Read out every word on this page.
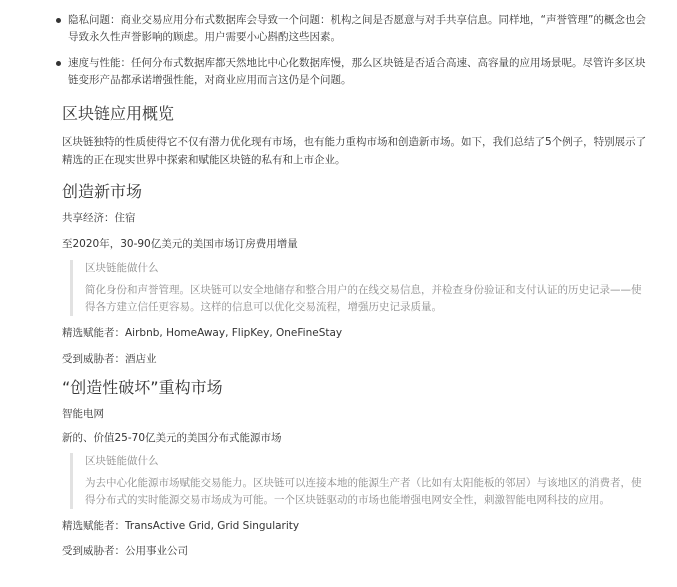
隐私问题：商业交易应用分布式数据库会导致一个问题：机构之间是否愿意与对手共享信息。同样地，“声誉管理”的概念也会导致永久性声誉影响的顾虑。用户需要小心斟酌这些因素。
速度与性能：任何分布式数据库都天然地比中心化数据库慢，那么区块链是否适合高速、高容量的应用场景呢。尽管许多区块链变形产品都承诺增强性能，对商业应用而言这仍是个问题。
区块链应用概览

区块链独特的性质使得它不仅有潜力优化现有市场，也有能力重构市场和创造新市场。如下，我们总结了5个例子，特别展示了精选的正在现实世界中探索和赋能区块链的私有和上市企业。

创造新市场

共享经济：住宿

至2020年，30-90亿美元的美国市场订房费用增量

区块链能做什么
简化身份和声誉管理。区块链可以安全地储存和整合用户的在线交易信息，并检查身份验证和支付认证的历史记录——使得各方建立信任更容易。这样的信息可以优化交易流程，增强历史记录质量。

精选赋能者：Airbnb, HomeAway, FlipKey, OneFineStay

受到威胁者：酒店业

“创造性破坏”重构市场

智能电网

新的、价值25-70亿美元的美国分布式能源市场

区块链能做什么
为去中心化能源市场赋能交易能力。区块链可以连接本地的能源生产者（比如有太阳能板的邻居）与该地区的消费者，使得分布式的实时能源交易市场成为可能。一个区块链驱动的市场也能增强电网安全性，刺激智能电网科技的应用。

精选赋能者：TransActive Grid, Grid Singularity

受到威胁者：公用事业公司
